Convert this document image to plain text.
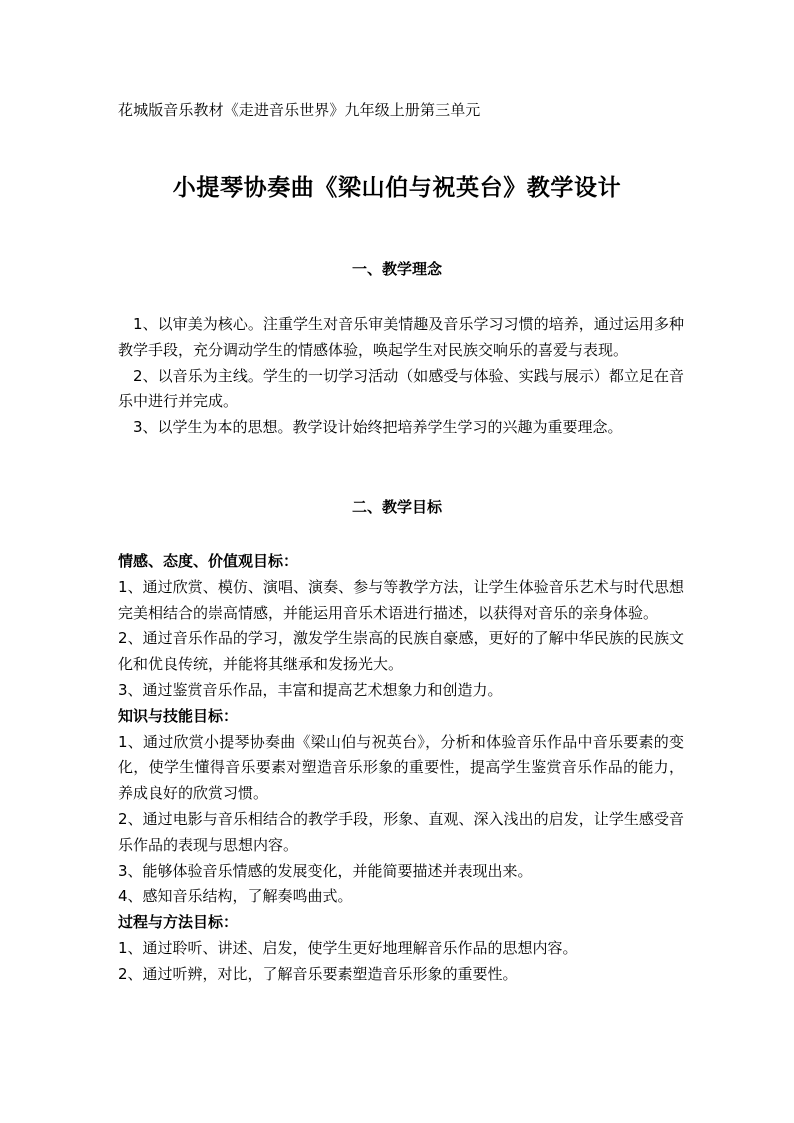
花城版音乐教材《走进音乐世界》九年级上册第三单元
小提琴协奏曲《梁山伯与祝英台》教学设计
一、教学理念

1、以审美为核心。注重学生对音乐审美情趣及音乐学习习惯的培养，通过运用多种教学手段，充分调动学生的情感体验，唤起学生对民族交响乐的喜爱与表现。

2、以音乐为主线。学生的一切学习活动（如感受与体验、实践与展示）都立足在音乐中进行并完成。

3、以学生为本的思想。教学设计始终把培养学生学习的兴趣为重要理念。

二、教学目标

情感、态度、价值观目标：

1、通过欣赏、模仿、演唱、演奏、参与等教学方法，让学生体验音乐艺术与时代思想完美相结合的崇高情感，并能运用音乐术语进行描述，以获得对音乐的亲身体验。

2、通过音乐作品的学习，激发学生崇高的民族自豪感，更好的了解中华民族的民族文化和优良传统，并能将其继承和发扬光大。

3、通过鉴赏音乐作品，丰富和提高艺术想象力和创造力。

知识与技能目标：

1、通过欣赏小提琴协奏曲《梁山伯与祝英台》，分析和体验音乐作品中音乐要素的变化，使学生懂得音乐要素对塑造音乐形象的重要性，提高学生鉴赏音乐作品的能力，养成良好的欣赏习惯。

2、通过电影与音乐相结合的教学手段，形象、直观、深入浅出的启发，让学生感受音乐作品的表现与思想内容。

3、能够体验音乐情感的发展变化，并能简要描述并表现出来。

4、感知音乐结构，了解奏鸣曲式。

过程与方法目标：

1、通过聆听、讲述、启发，使学生更好地理解音乐作品的思想内容。

2、通过听辨，对比，了解音乐要素塑造音乐形象的重要性。
